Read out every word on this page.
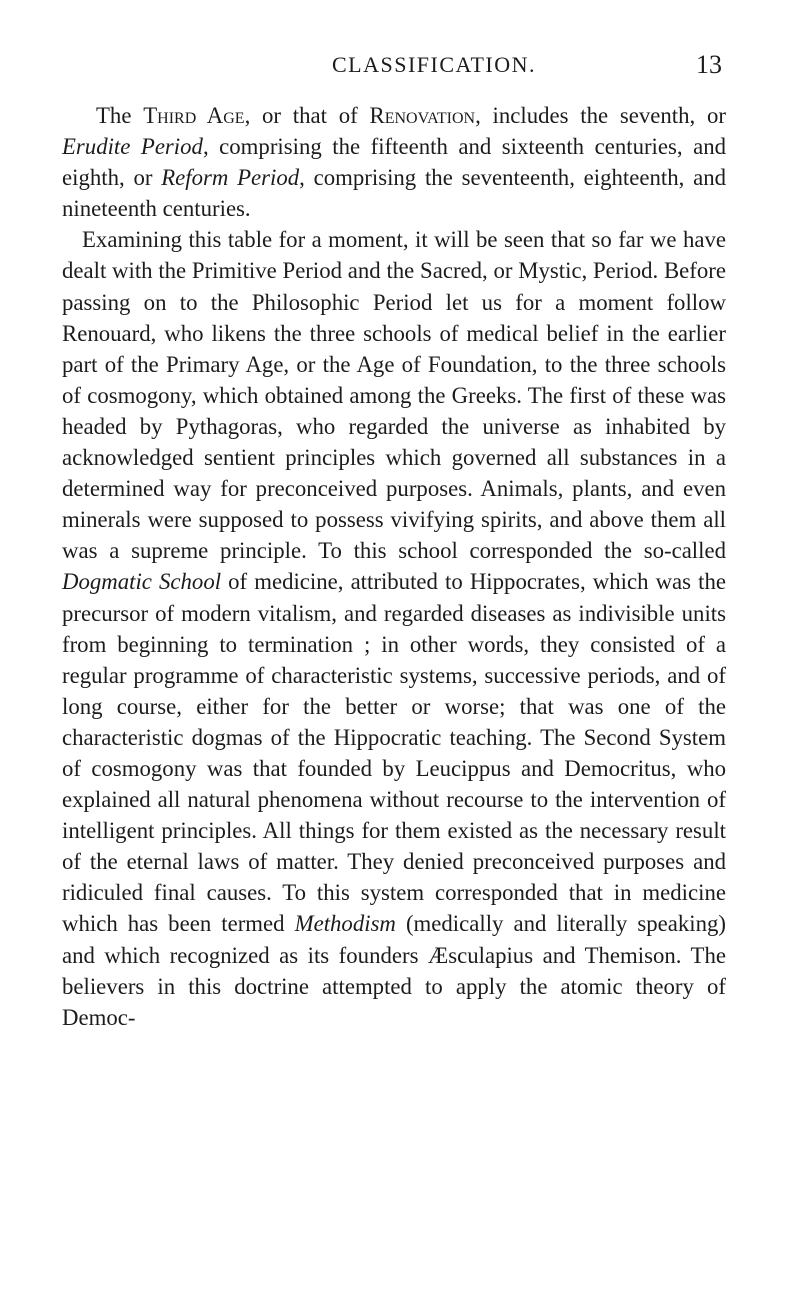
CLASSIFICATION.	13

The Third Age, or that of Renovation, includes the seventh, or Erudite Period, comprising the fifteenth and sixteenth centuries, and eighth, or Reform Period, comprising the seventeenth, eighteenth, and nineteenth centuries.

Examining this table for a moment, it will be seen that so far we have dealt with the Primitive Period and the Sacred, or Mystic, Period. Before passing on to the Philosophic Period let us for a moment follow Renouard, who likens the three schools of medical belief in the earlier part of the Primary Age, or the Age of Foundation, to the three schools of cosmogony, which obtained among the Greeks. The first of these was headed by Pythagoras, who regarded the universe as inhabited by acknowledged sentient principles which governed all substances in a determined way for preconceived purposes. Animals, plants, and even minerals were supposed to possess vivifying spirits, and above them all was a supreme principle. To this school corresponded the so-called Dogmatic School of medicine, attributed to Hippocrates, which was the precursor of modern vitalism, and regarded diseases as indivisible units from beginning to termination ; in other words, they consisted of a regular programme of characteristic systems, successive periods, and of long course, either for the better or worse; that was one of the characteristic dogmas of the Hippocratic teaching. The Second System of cosmogony was that founded by Leucippus and Democritus, who explained all natural phenomena without recourse to the intervention of intelligent principles. All things for them existed as the necessary result of the eternal laws of matter. They denied preconceived purposes and ridiculed final causes. To this system corresponded that in medicine which has been termed Methodism (medically and literally speaking) and which recognized as its founders Æsculapius and Themison. The believers in this doctrine attempted to apply the atomic theory of Democ-
